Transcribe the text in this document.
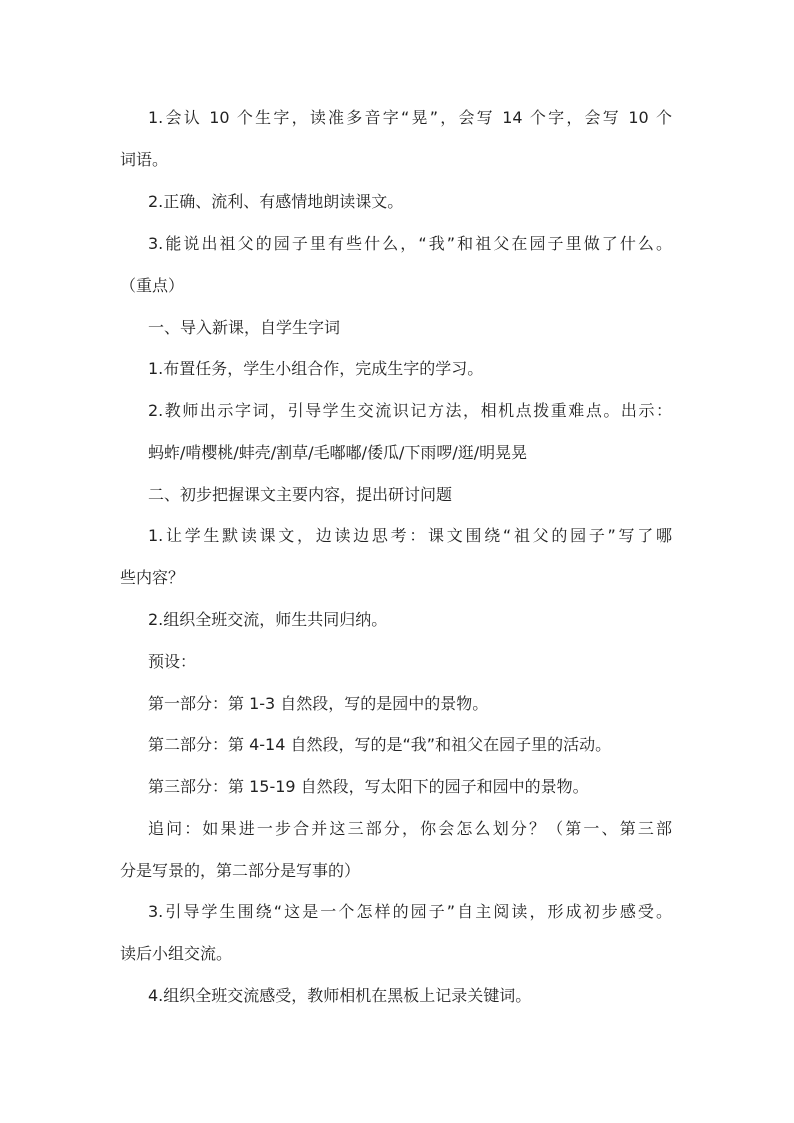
1.会认 10 个生字，读准多音字“晃”，会写 14 个字，会写 10 个
词语。
2.正确、流利、有感情地朗读课文。
3.能说出祖父的园子里有些什么，“我”和祖父在园子里做了什么。
（重点）
一、导入新课，自学生字词
1.布置任务，学生小组合作，完成生字的学习。
2.教师出示字词，引导学生交流识记方法，相机点拨重难点。出示：
蚂蚱/啃樱桃/蚌壳/割草/毛嘟嘟/倭瓜/下雨啰/逛/明晃晃
二、初步把握课文主要内容，提出研讨问题
1.让学生默读课文，边读边思考：课文围绕“祖父的园子”写了哪
些内容？
2.组织全班交流，师生共同归纳。
预设：
第一部分：第 1-3 自然段，写的是园中的景物。
第二部分：第 4-14 自然段，写的是“我”和祖父在园子里的活动。
第三部分：第 15-19 自然段，写太阳下的园子和园中的景物。
追问：如果进一步合并这三部分，你会怎么划分？（第一、第三部
分是写景的，第二部分是写事的）
3.引导学生围绕“这是一个怎样的园子”自主阅读，形成初步感受。
读后小组交流。
4.组织全班交流感受，教师相机在黑板上记录关键词。
